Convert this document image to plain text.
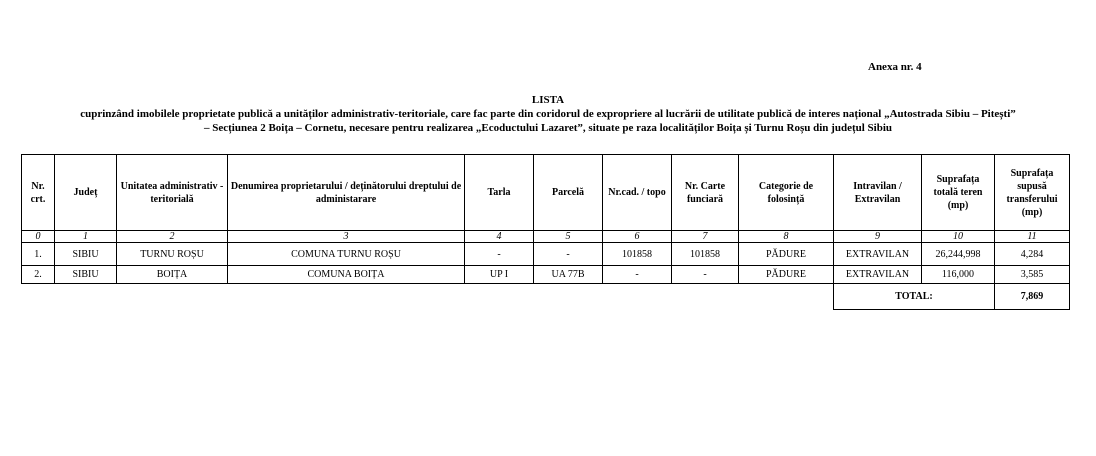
Anexa nr. 4
LISTA
cuprinzând imobilele proprietate publică a unităților administrativ-teritoriale, care fac parte din coridorul de expropriere al lucrării de utilitate publică de interes național „Autostrada Sibiu – Pitești”
– Secțiunea 2 Boița – Cornetu, necesare pentru realizarea „Ecoductului Lazaret”, situate pe raza localităților Boița și Turnu Roșu din județul Sibiu
Nr. crt.	Județ	Unitatea administrativ - teritorială	Denumirea proprietarului / deținătorului dreptului de administarare	Tarla	Parcelă	Nr.cad. / topo	Nr. Carte funciară	Categorie de folosință	Intravilan / Extravilan	Suprafața totală teren (mp)	Suprafața supusă transferului (mp)
0	1	2	3	4	5	6	7	8	9	10	11
1.	SIBIU	TURNU ROȘU	COMUNA TURNU ROȘU	-	-	101858	101858	PĂDURE	EXTRAVILAN	26,244,998	4,284
2.	SIBIU	BOIȚA	COMUNA BOIȚA	UP I	UA 77B	-	-	PĂDURE	EXTRAVILAN	116,000	3,585
									TOTAL:		7,869
